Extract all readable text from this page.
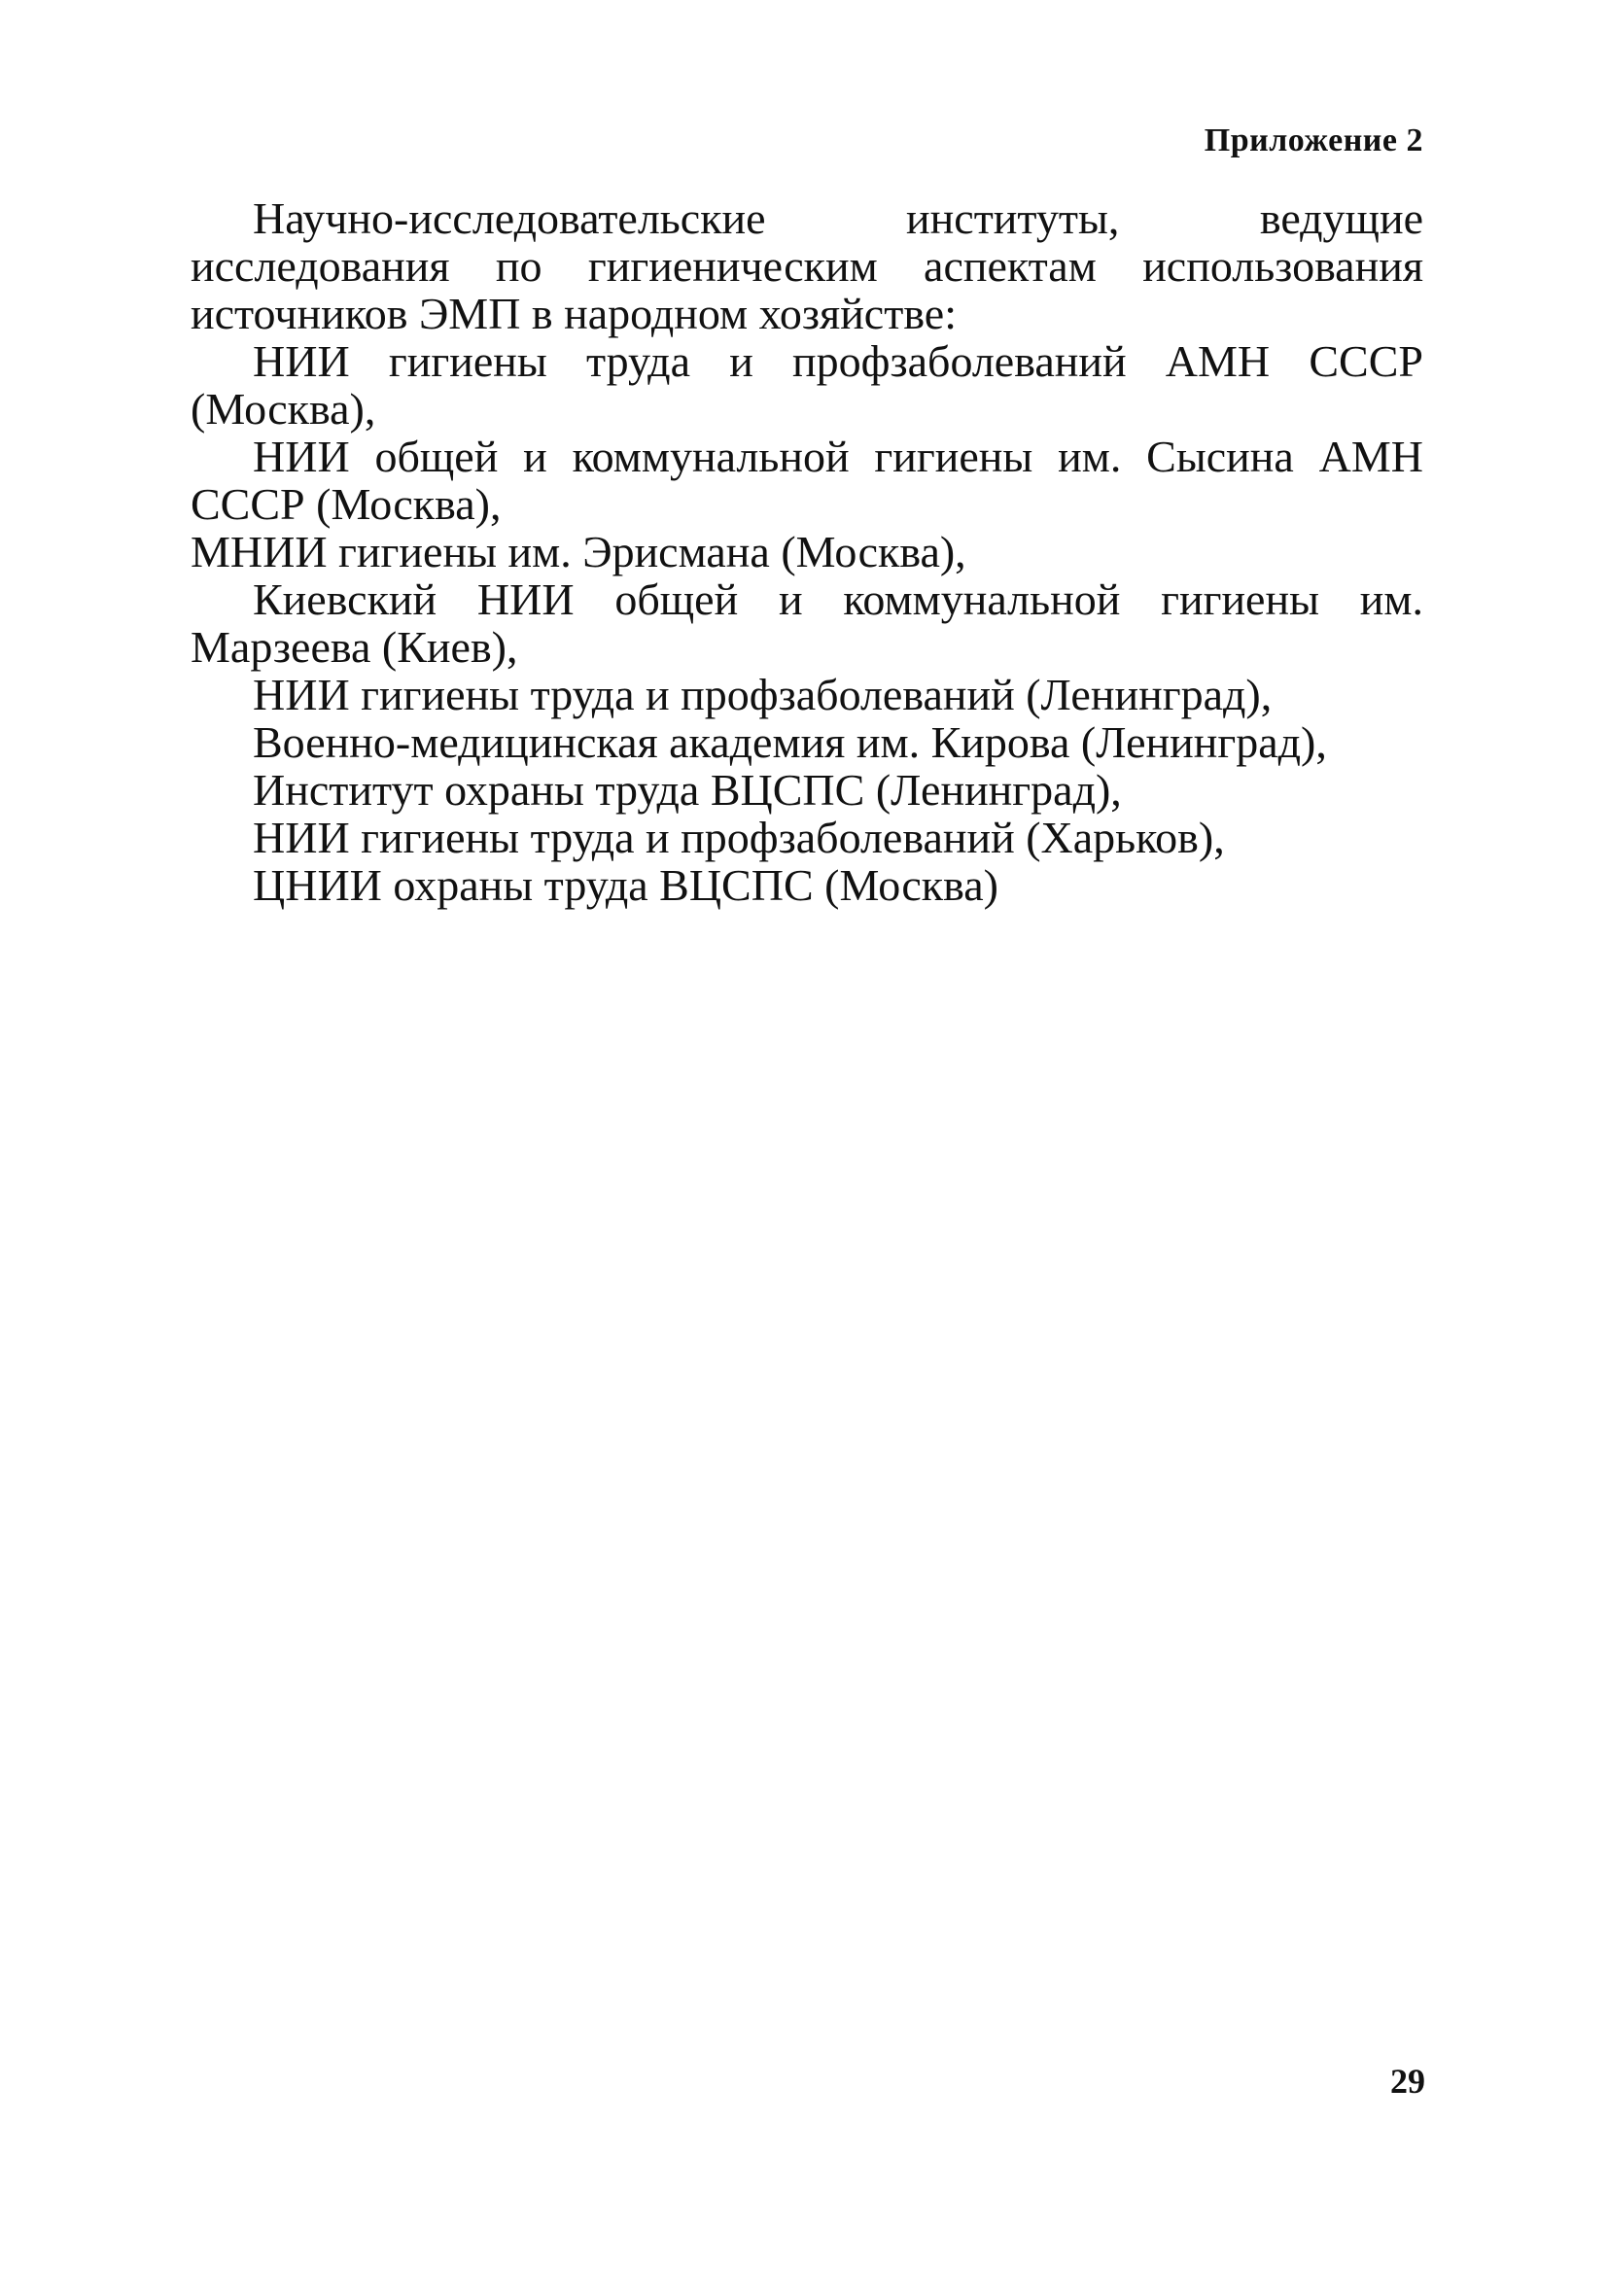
Приложение 2

Научно-исследовательские институты, ведущие исследования по гигиеническим аспектам использования источников ЭМП в народном хозяйстве:

НИИ гигиены труда и профзаболеваний АМН СССР (Москва),
НИИ общей и коммунальной гигиены им. Сысина АМН СССР (Москва),
МНИИ гигиены им. Эрисмана (Москва),
Киевский НИИ общей и коммунальной гигиены им. Марзеева (Киев),
НИИ гигиены труда и профзаболеваний (Ленинград),
Военно-медицинская академия им. Кирова (Ленинград),
Институт охраны труда ВЦСПС (Ленинград),
НИИ гигиены труда и профзаболеваний (Харьков),
ЦНИИ охраны труда ВЦСПС (Москва)
29
